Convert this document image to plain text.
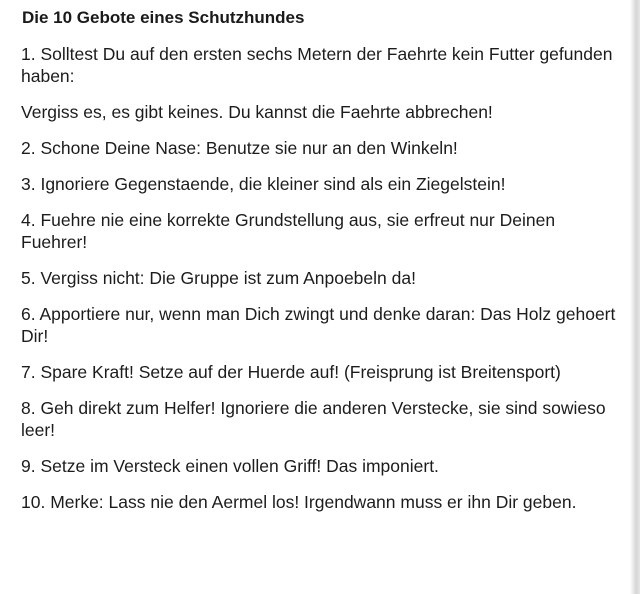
Die 10 Gebote eines Schutzhundes

1. Solltest Du auf den ersten sechs Metern der Faehrte kein Futter gefunden haben:

Vergiss es, es gibt keines. Du kannst die Faehrte abbrechen!

2. Schone Deine Nase: Benutze sie nur an den Winkeln!

3. Ignoriere Gegenstaende, die kleiner sind als ein Ziegelstein!

4. Fuehre nie eine korrekte Grundstellung aus, sie erfreut nur Deinen Fuehrer!

5. Vergiss nicht: Die Gruppe ist zum Anpoebeln da!

6. Apportiere nur, wenn man Dich zwingt und denke daran: Das Holz gehoert Dir!

7. Spare Kraft! Setze auf der Huerde auf! (Freisprung ist Breitensport)

8. Geh direkt zum Helfer! Ignoriere die anderen Verstecke, sie sind sowieso leer!

9. Setze im Versteck einen vollen Griff! Das imponiert.

10. Merke: Lass nie den Aermel los! Irgendwann muss er ihn Dir geben.
